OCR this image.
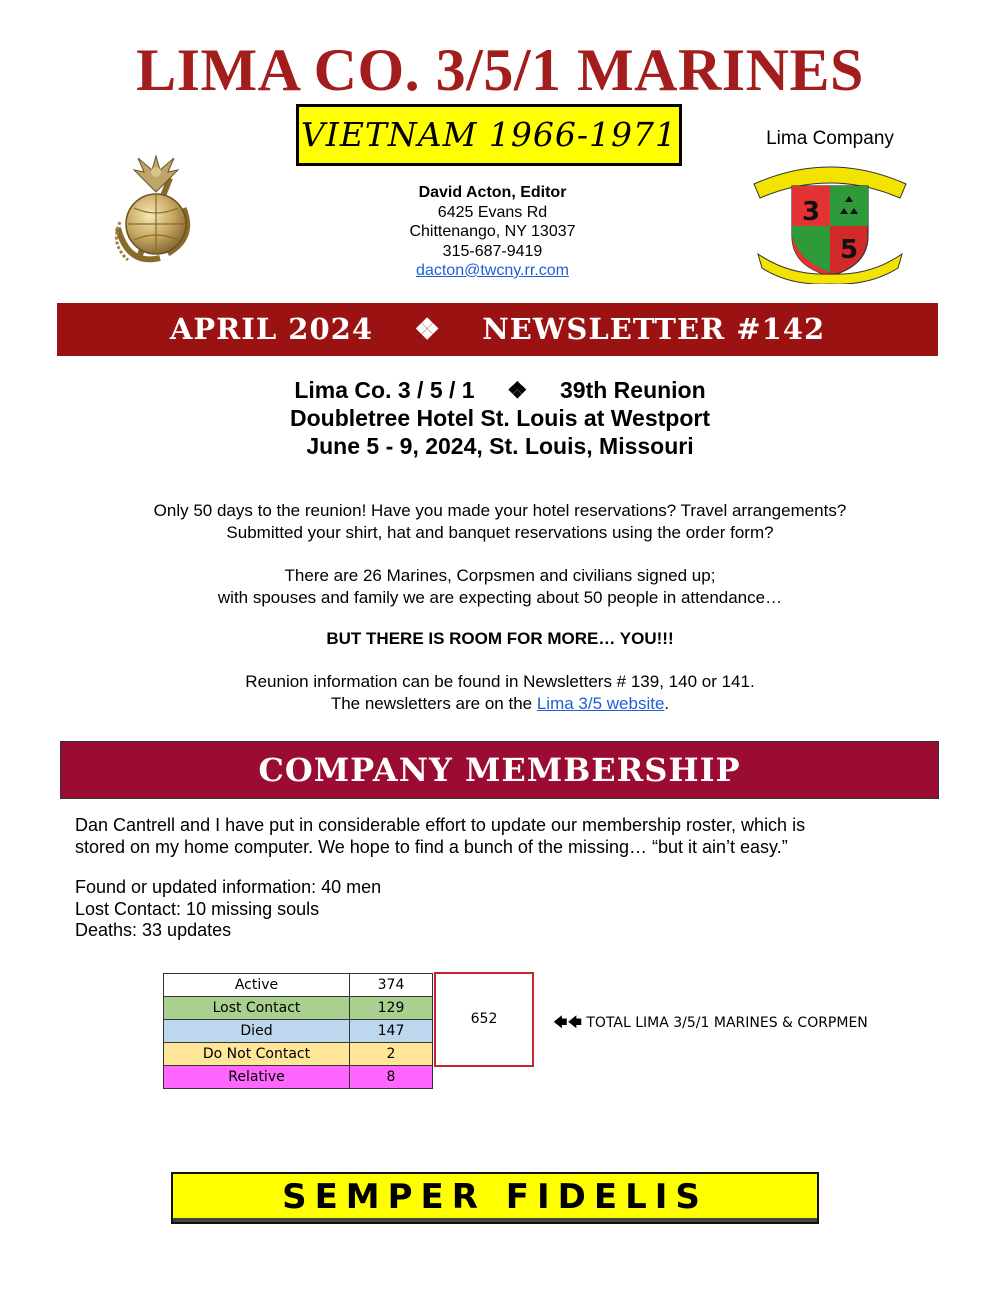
LIMA CO. 3/5/1 MARINES
VIETNAM 1966-1971
David Acton, Editor
6425 Evans Rd
Chittenango, NY 13037
315-687-9419
dacton@twcny.rr.com
Lima Company
3
5
APRIL 2024 ❖ NEWSLETTER #142
Lima Co. 3 / 5 / 1 ❖ 39th Reunion
Doubletree Hotel St. Louis at Westport
June 5 - 9, 2024, St. Louis, Missouri
Only 50 days to the reunion! Have you made your hotel reservations? Travel arrangements?
Submitted your shirt, hat and banquet reservations using the order form?
There are 26 Marines, Corpsmen and civilians signed up;
with spouses and family we are expecting about 50 people in attendance…
BUT THERE IS ROOM FOR MORE… YOU!!!
Reunion information can be found in Newsletters # 139, 140 or 141.
The newsletters are on the Lima 3/5 website.
COMPANY MEMBERSHIP
Dan Cantrell and I have put in considerable effort to update our membership roster, which is
stored on my home computer. We hope to find a bunch of the missing… “but it ain’t easy.”
Found or updated information: 40 men
Lost Contact: 10 missing souls
Deaths: 33 updates
Active	374
Lost Contact	129
Died	147
Do Not Contact	2
Relative	8
652	🡄🡄 TOTAL LIMA 3/5/1 MARINES & CORPMEN
SEMPER FIDELIS
